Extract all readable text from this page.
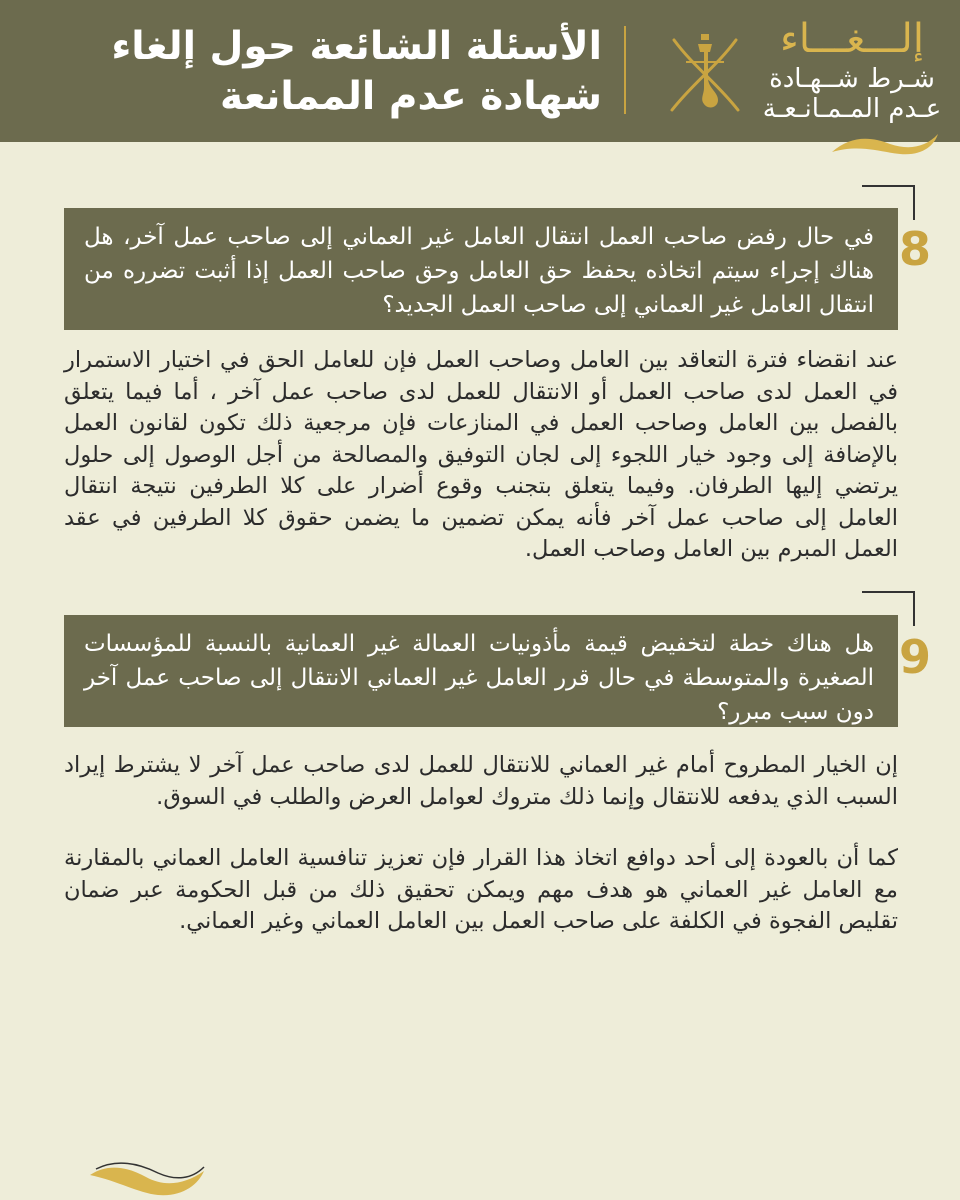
الأسئلة الشائعة حول إلغاء شهادة عدم الممانعة
إلـــغـــاء
شـرط شــهـادة
عـدم المـمـانـعـة
8
في حال رفض صاحب العمل انتقال العامل غير العماني إلى صاحب عمل آخر، هل هناك إجراء سيتم اتخاذه يحفظ حق العامل وحق صاحب العمل إذا أثبت تضرره من انتقال العامل غير العماني إلى صاحب العمل الجديد؟

عند انقضاء فترة التعاقد بين العامل وصاحب العمل فإن للعامل الحق في اختيار الاستمرار في العمل لدى صاحب العمل أو الانتقال للعمل لدى صاحب عمل آخر ، أما فيما يتعلق بالفصل بين العامل وصاحب العمل في المنازعات فإن مرجعية ذلك تكون لقانون العمل بالإضافة إلى وجود خيار اللجوء إلى لجان التوفيق والمصالحة من أجل الوصول إلى حلول يرتضي إليها الطرفان. وفيما يتعلق بتجنب وقوع أضرار على كلا الطرفين نتيجة انتقال العامل إلى صاحب عمل آخر فأنه يمكن تضمين ما يضمن حقوق كلا الطرفين في عقد العمل المبرم بين العامل وصاحب العمل.

9
هل هناك خطة لتخفيض قيمة مأذونيات العمالة غير العمانية بالنسبة للمؤسسات الصغيرة والمتوسطة في حال قرر العامل غير العماني الانتقال إلى صاحب عمل آخر دون سبب مبرر؟

إن الخيار المطروح أمام غير العماني للانتقال للعمل لدى صاحب عمل آخر لا يشترط إيراد السبب الذي يدفعه للانتقال وإنما ذلك متروك لعوامل العرض والطلب في السوق.

كما أن بالعودة إلى أحد دوافع اتخاذ هذا القرار فإن تعزيز تنافسية العامل العماني بالمقارنة مع العامل غير العماني هو هدف مهم ويمكن تحقيق ذلك من قبل الحكومة عبر ضمان تقليص الفجوة في الكلفة على صاحب العمل بين العامل العماني وغير العماني.
